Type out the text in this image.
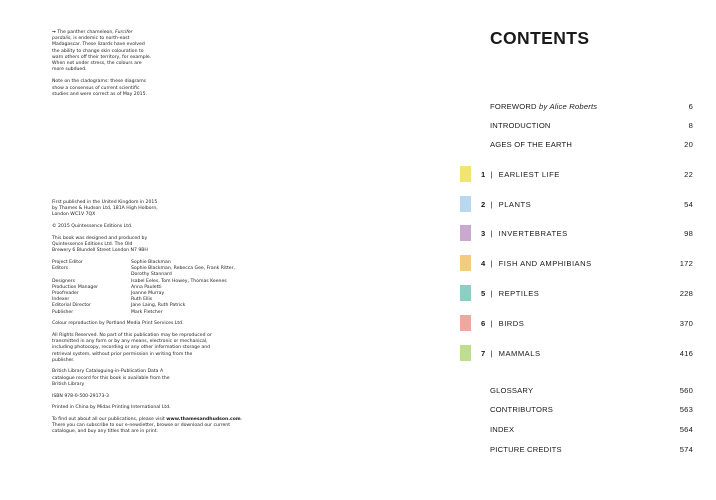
→ The panther chameleon, Furcifer pardalis, is endemic to north-east Madagascar. These lizards have evolved the ability to change skin colouration to warn others off their territory, for example. When not under stress, the colours are more subdued.

Note on the cladograms: these diagrams show a consensus of current scientific studies and were correct as of May 2015.

First published in the United Kingdom in 2015 by Thames & Hudson Ltd, 181A High Holborn, London WC1V 7QX

© 2015 Quintessence Editions Ltd.

This book was designed and produced by Quintessence Editions Ltd. The Old Brewery 6 Blundell Street London N7 9BH

Project Editor	Sophie Blackman
Editors	Sophie Blackman, Rebecca Gee, Frank Ritter, Dorothy Stannard
Designers	Isabel Eeles, Tom Howey, Thomas Keenes
Production Manager	Anna Pauletti
Proofreader	Joanne Murray
Indexer	Ruth Ellis
Editorial Director	Jane Laing, Ruth Patrick
Publisher	Mark Fletcher

Colour reproduction by Portland Media Print Services Ltd.

All Rights Reserved. No part of this publication may be reproduced or transmitted in any form or by any means, electronic or mechanical, including photocopy, recording or any other information storage and retrieval system, without prior permission in writing from the publisher.

British Library Cataloguing-in-Publication Data A catalogue record for this book is available from the British Library

ISBN 978-0-500-29173-3

Printed in China by Midas Printing International Ltd.

To find out about all our publications, please visit www.thamesandhudson.com. There you can subscribe to our e-newsletter, browse or download our current catalogue, and buy any titles that are in print.

CONTENTS
FOREWORD by Alice Roberts	6
INTRODUCTION	8
AGES OF THE EARTH	20
1 | EARLIEST LIFE	22
2 | PLANTS	54
3 | INVERTEBRATES	98
4 | FISH AND AMPHIBIANS	172
5 | REPTILES	228
6 | BIRDS	370
7 | MAMMALS	416
GLOSSARY	560
CONTRIBUTORS	563
INDEX	564
PICTURE CREDITS	574
